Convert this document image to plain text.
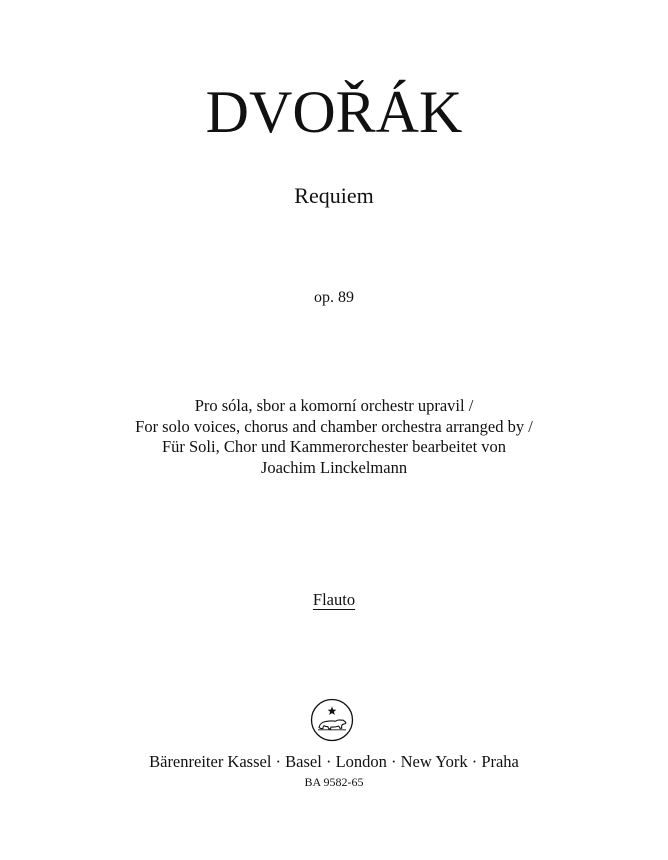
DVOŘÁK
Requiem
op. 89
Pro sóla, sbor a komorní orchestr upravil /
For solo voices, chorus and chamber orchestra arranged by /
Für Soli, Chor und Kammerorchester bearbeitet von
Joachim Linckelmann
Flauto
Bärenreiter Kassel · Basel · London · New York · Praha
BA 9582-65
